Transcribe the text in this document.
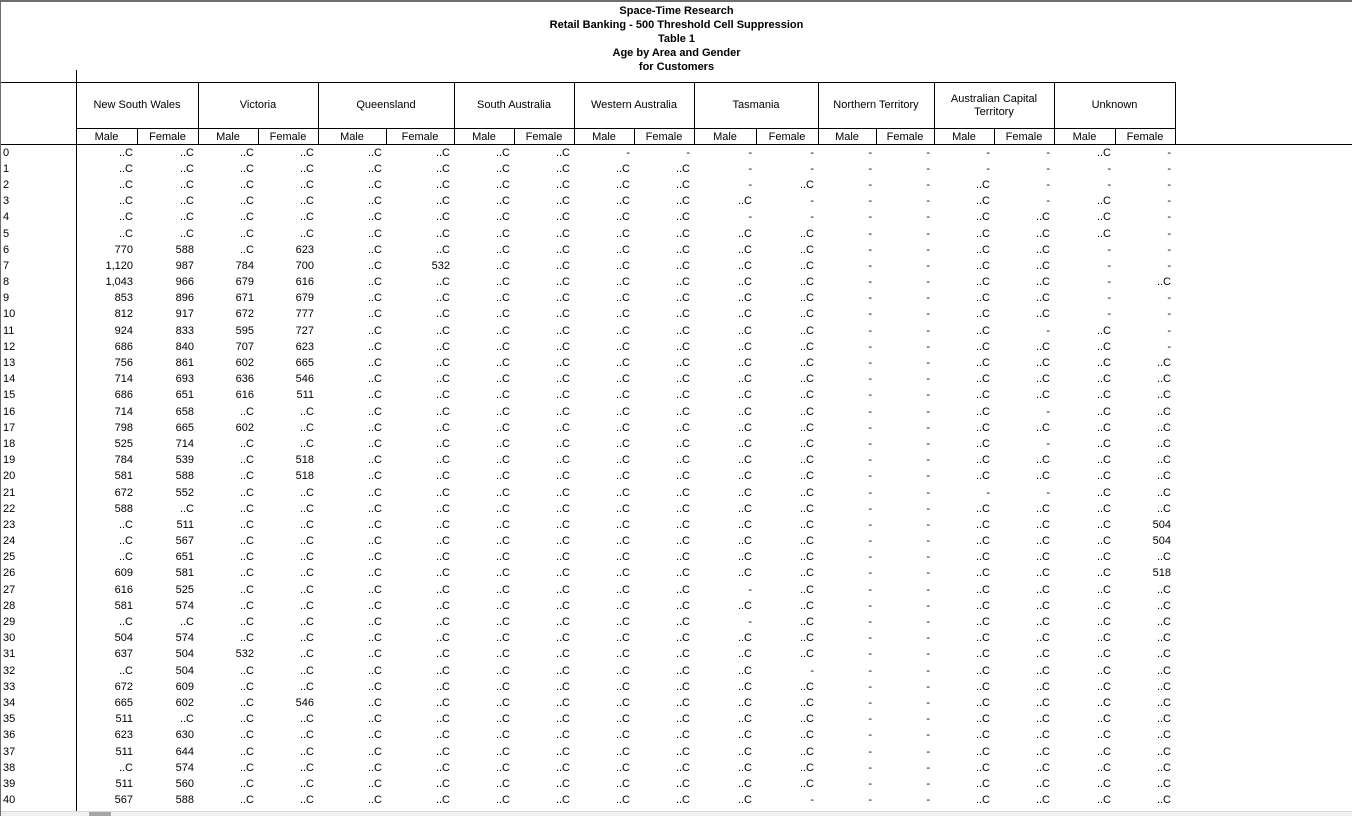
Space-Time Research
Retail Banking - 500 Threshold Cell Suppression
Table 1
Age by Area and Gender
for Customers
	New South Wales		Victoria		Queensland		South Australia		Western Australia		Tasmania		Northern Territory		Australian Capital Territory		Unknown	
	Male	Female	Male	Female	Male	Female	Male	Female	Male	Female	Male	Female	Male	Female	Male	Female	Male	Female
0	..C	..C	..C	..C	..C	..C	..C	..C	-	-	-	-	-	-	-	-	..C	-
1	..C	..C	..C	..C	..C	..C	..C	..C	..C	..C	-	-	-	-	-	-	-	-
2	..C	..C	..C	..C	..C	..C	..C	..C	..C	..C	-	..C	-	-	..C	-	-	-
3	..C	..C	..C	..C	..C	..C	..C	..C	..C	..C	..C	-	-	-	..C	-	..C	-
4	..C	..C	..C	..C	..C	..C	..C	..C	..C	..C	-	-	-	-	..C	..C	..C	-
5	..C	..C	..C	..C	..C	..C	..C	..C	..C	..C	..C	..C	-	-	..C	..C	..C	-
6	770	588	..C	623	..C	..C	..C	..C	..C	..C	..C	..C	-	-	..C	..C	-	-
7	1,120	987	784	700	..C	532	..C	..C	..C	..C	..C	..C	-	-	..C	..C	-	-
8	1,043	966	679	616	..C	..C	..C	..C	..C	..C	..C	..C	-	-	..C	..C	-	..C
9	853	896	671	679	..C	..C	..C	..C	..C	..C	..C	..C	-	-	..C	..C	-	-
10	812	917	672	777	..C	..C	..C	..C	..C	..C	..C	..C	-	-	..C	..C	-	-
11	924	833	595	727	..C	..C	..C	..C	..C	..C	..C	..C	-	-	..C	-	..C	-
12	686	840	707	623	..C	..C	..C	..C	..C	..C	..C	..C	-	-	..C	..C	..C	-
13	756	861	602	665	..C	..C	..C	..C	..C	..C	..C	..C	-	-	..C	..C	..C	..C
14	714	693	636	546	..C	..C	..C	..C	..C	..C	..C	..C	-	-	..C	..C	..C	..C
15	686	651	616	511	..C	..C	..C	..C	..C	..C	..C	..C	-	-	..C	..C	..C	..C
16	714	658	..C	..C	..C	..C	..C	..C	..C	..C	..C	..C	-	-	..C	-	..C	..C
17	798	665	602	..C	..C	..C	..C	..C	..C	..C	..C	..C	-	-	..C	..C	..C	..C
18	525	714	..C	..C	..C	..C	..C	..C	..C	..C	..C	..C	-	-	..C	-	..C	..C
19	784	539	..C	518	..C	..C	..C	..C	..C	..C	..C	..C	-	-	..C	..C	..C	..C
20	581	588	..C	518	..C	..C	..C	..C	..C	..C	..C	..C	-	-	..C	..C	..C	..C
21	672	552	..C	..C	..C	..C	..C	..C	..C	..C	..C	..C	-	-	-	-	..C	..C
22	588	..C	..C	..C	..C	..C	..C	..C	..C	..C	..C	..C	-	-	..C	..C	..C	..C
23	..C	511	..C	..C	..C	..C	..C	..C	..C	..C	..C	..C	-	-	..C	..C	..C	504
24	..C	567	..C	..C	..C	..C	..C	..C	..C	..C	..C	..C	-	-	..C	..C	..C	504
25	..C	651	..C	..C	..C	..C	..C	..C	..C	..C	..C	..C	-	-	..C	..C	..C	..C
26	609	581	..C	..C	..C	..C	..C	..C	..C	..C	..C	..C	-	-	..C	..C	..C	518
27	616	525	..C	..C	..C	..C	..C	..C	..C	..C	-	..C	-	-	..C	..C	..C	..C
28	581	574	..C	..C	..C	..C	..C	..C	..C	..C	..C	..C	-	-	..C	..C	..C	..C
29	..C	..C	..C	..C	..C	..C	..C	..C	..C	..C	-	..C	-	-	..C	..C	..C	..C
30	504	574	..C	..C	..C	..C	..C	..C	..C	..C	..C	..C	-	-	..C	..C	..C	..C
31	637	504	532	..C	..C	..C	..C	..C	..C	..C	..C	..C	-	-	..C	..C	..C	..C
32	..C	504	..C	..C	..C	..C	..C	..C	..C	..C	..C	-	-	-	..C	..C	..C	..C
33	672	609	..C	..C	..C	..C	..C	..C	..C	..C	..C	..C	-	-	..C	..C	..C	..C
34	665	602	..C	546	..C	..C	..C	..C	..C	..C	..C	..C	-	-	..C	..C	..C	..C
35	511	..C	..C	..C	..C	..C	..C	..C	..C	..C	..C	..C	-	-	..C	..C	..C	..C
36	623	630	..C	..C	..C	..C	..C	..C	..C	..C	..C	..C	-	-	..C	..C	..C	..C
37	511	644	..C	..C	..C	..C	..C	..C	..C	..C	..C	..C	-	-	..C	..C	..C	..C
38	..C	574	..C	..C	..C	..C	..C	..C	..C	..C	..C	..C	-	-	..C	..C	..C	..C
39	511	560	..C	..C	..C	..C	..C	..C	..C	..C	..C	..C	-	-	..C	..C	..C	..C
40	567	588	..C	..C	..C	..C	..C	..C	..C	..C	..C	-	-	-	..C	..C	..C	..C
